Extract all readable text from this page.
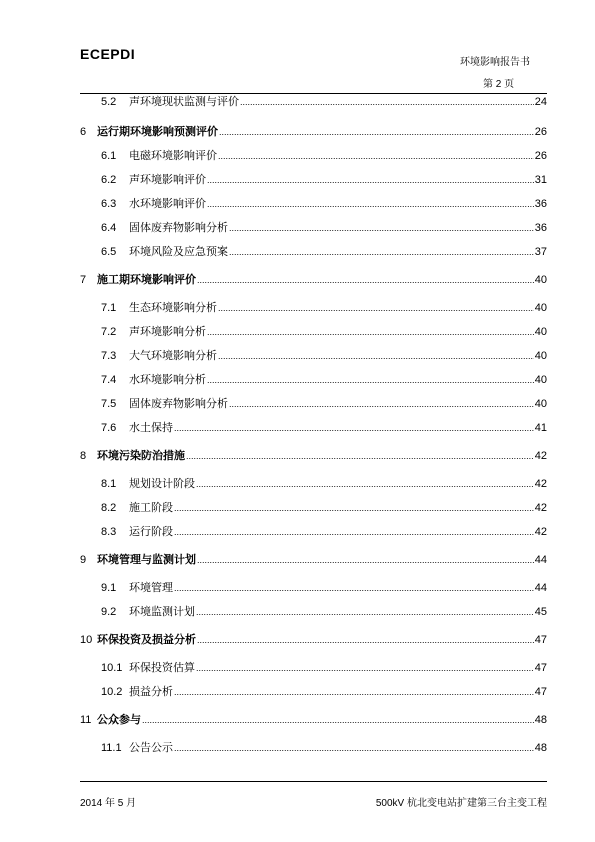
ECEPDI
环境影响报告书
第 2 页
5.2	声环境现状监测与评价 .....	24
6 运行期环境影响预测评价 .....	26
6.1	电磁环境影响评价 .....	26
6.2	声环境影响评价 .....	31
6.3	水环境影响评价 .....	36
6.4	固体废弃物影响分析 .....	36
6.5	环境风险及应急预案 .....	37
7 施工期环境影响评价 .....	40
7.1	生态环境影响分析 .....	40
7.2	声环境影响分析 .....	40
7.3	大气环境影响分析 .....	40
7.4	水环境影响分析 .....	40
7.5	固体废弃物影响分析 .....	40
7.6	水土保持 .....	41
8 环境污染防治措施 .....	42
8.1	规划设计阶段 .....	42
8.2	施工阶段 .....	42
8.3	运行阶段 .....	42
9 环境管理与监测计划 .....	44
9.1	环境管理 .....	44
9.2	环境监测计划 .....	45
10 环保投资及损益分析 .....	47
10.1 环保投资估算 .....	47
10.2 损益分析 .....	47
11 公众参与 .....	48
11.1 公告公示 .....	48
2014 年 5 月	500kV 杭北变电站扩建第三台主变工程
